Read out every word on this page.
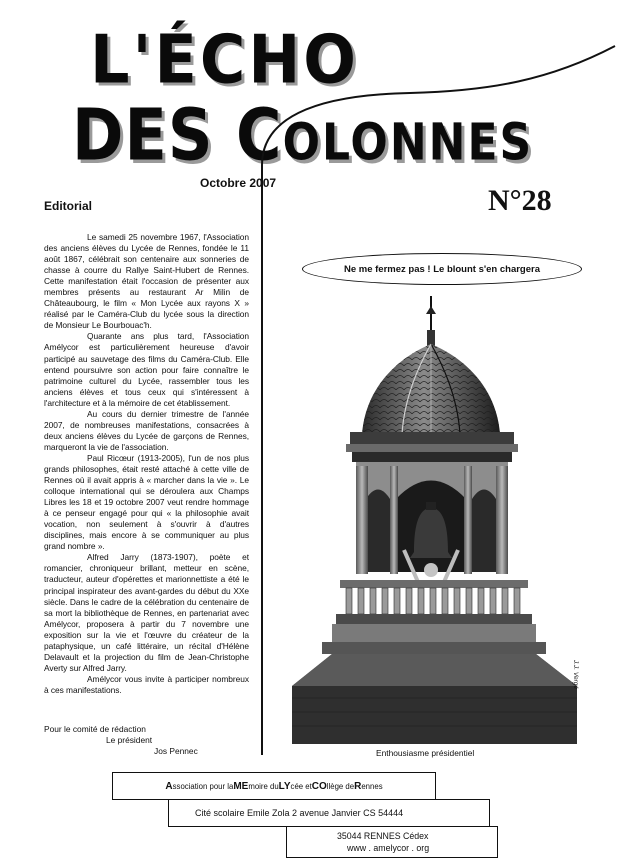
L'ÉCHO
DES COLONNES
Octobre 2007
Editorial	N°28

Le samedi 25 novembre 1967, l'Association des anciens élèves du Lycée de Rennes, fondée le 11 août 1867, célébrait son centenaire aux sonneries de chasse à courre du Rallye Saint-Hubert de Rennes. Cette manifestation était l'occasion de présenter aux membres présents au restaurant Ar Milin de Châteaubourg, le film « Mon Lycée aux rayons X » réalisé par le Caméra-Club du lycée sous la direction de Monsieur Le Bourbouac'h.

Quarante ans plus tard, l'Association Amélycor est particulièrement heureuse d'avoir participé au sauvetage des films du Caméra-Club. Elle entend poursuivre son action pour faire connaître le patrimoine culturel du Lycée, rassembler tous les anciens élèves et tous ceux qui s'intéressent à l'architecture et à la mémoire de cet établissement.

Au cours du dernier trimestre de l'année 2007, de nombreuses manifestations, consacrées à deux anciens élèves du Lycée de garçons de Rennes, marqueront la vie de l'association.

Paul Ricœur (1913-2005), l'un de nos plus grands philosophes, était resté attaché à cette ville de Rennes où il avait appris à « marcher dans la vie ». Le colloque international qui se déroulera aux Champs Libres les 18 et 19 octobre 2007 veut rendre hommage à ce penseur engagé pour qui « la philosophie avait vocation, non seulement à s'ouvrir à d'autres disciplines, mais encore à se communiquer au plus grand nombre ».

Alfred Jarry (1873-1907), poète et romancier, chroniqueur brillant, metteur en scène, traducteur, auteur d'opérettes et marionnettiste a été le principal inspirateur des avant-gardes du début du XXe siècle. Dans le cadre de la célébration du centenaire de sa mort la bibliothèque de Rennes, en partenariat avec Amélycor, proposera à partir du 7 novembre une exposition sur la vie et l'œuvre du créateur de la pataphysique, un café littéraire, un récital d'Hélène Delavault et la projection du film de Jean-Christophe Averty sur Alfred Jarry.

Amélycor vous invite à participer nombreux à ces manifestations.

Pour le comité de rédaction
Le président
Jos Pennec
Ne me fermez pas ! Le blount s'en chargera
J.J. Vergé
Enthousiasme présidentiel
A ssociation pour la ME moire du LY cée et CO llège de R ennes
Cité scolaire Emile Zola 2 avenue Janvier CS 54444
35044 RENNES Cédex
www . amelycor . org
